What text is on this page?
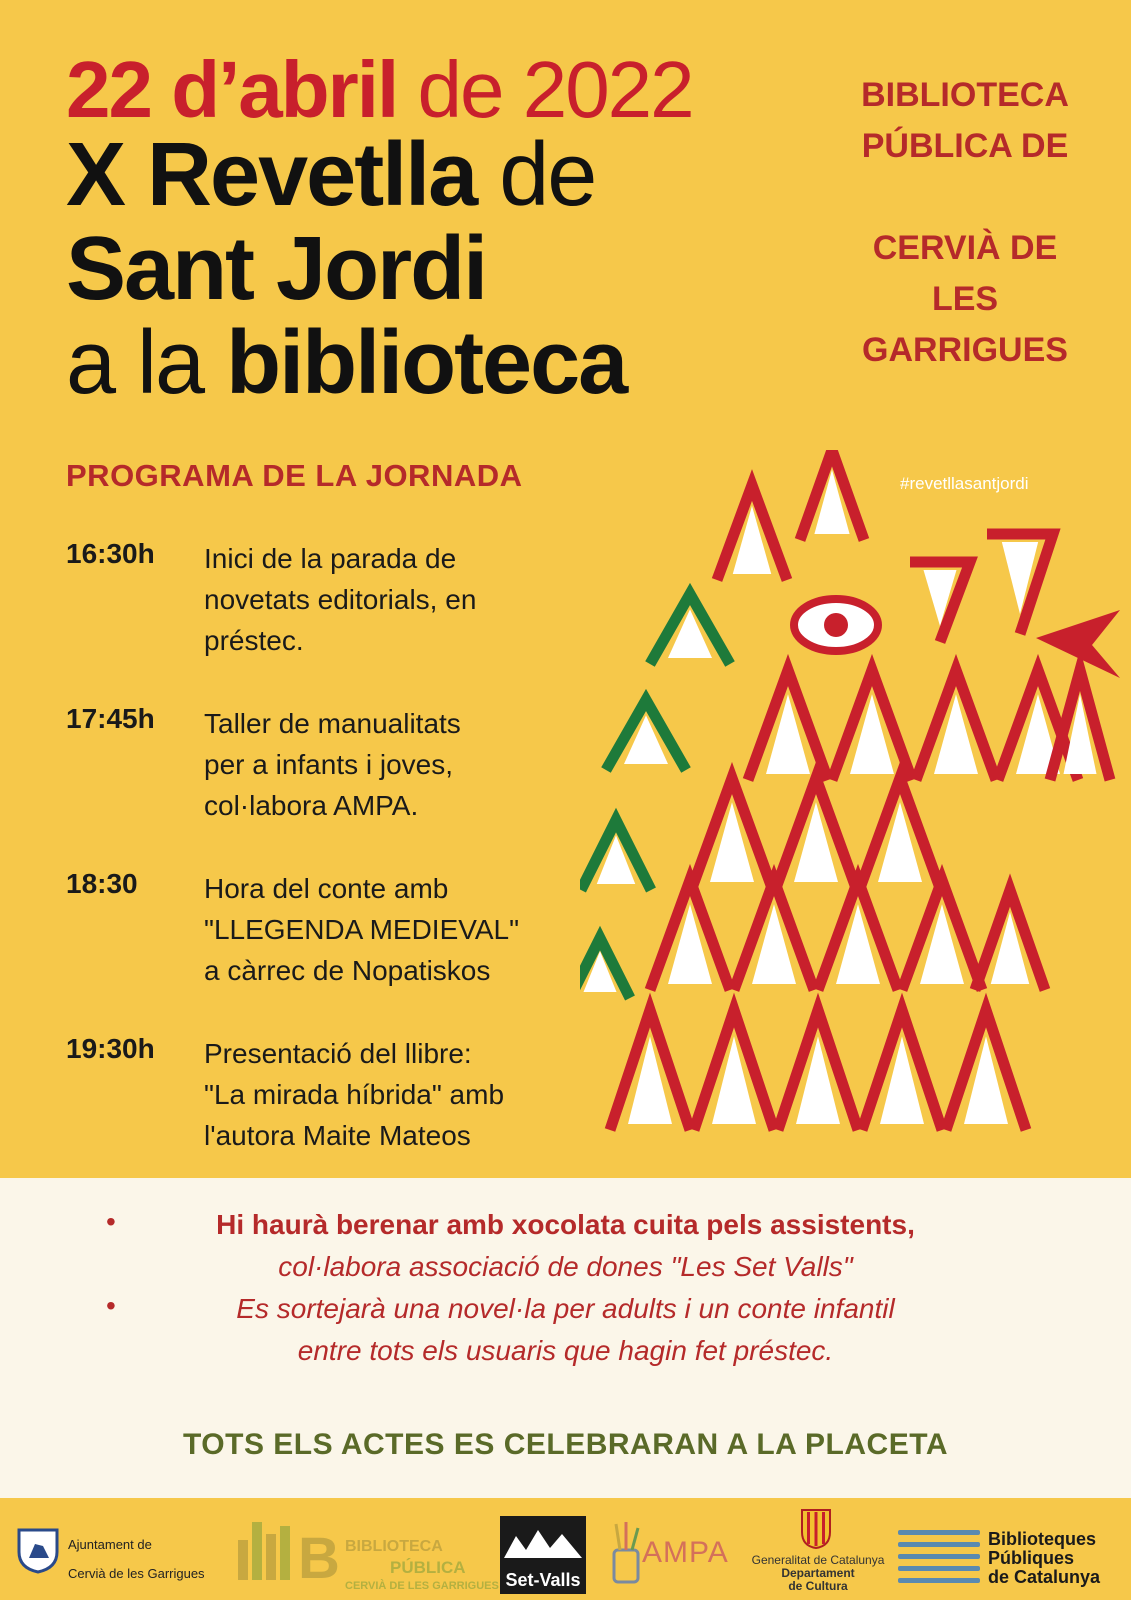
22 d’abril de 2022
X Revetlla de
Sant Jordi
a la biblioteca
BIBLIOTECA
PÚBLICA DE
CERVIÀ DE
LES
GARRIGUES
PROGRAMA DE LA JORNADA
16:30h Inici de la parada de
novetats editorials, en
préstec.
17:45h Taller de manualitats
per a infants i joves,
col·labora AMPA.
18:30 Hora del conte amb
"LLEGENDA MEDIEVAL"
a càrrec de Nopatiskos
19:30h Presentació del llibre:
"La mirada híbrida" amb
l'autora Maite Mateos
#revetllasantjordi
•	Hi haurà berenar amb xocolata cuita pels assistents,
col·labora associació de dones "Les Set Valls"
•	Es sortejarà una novel·la per adults i un conte infantil
entre tots els usuaris que hagin fet préstec.
TOTS ELS ACTES ES CELEBRARAN A LA PLACETA
Ajuntament de
Cervià de les Garrigues B BIBLIOTECA
PÚBLICA
CERVIÀ DE LES GARRIGUES Set-Valls
AMPA	Generalitat de Catalunya
Departament
de Cultura
Biblioteques
Públiques
de Catalunya
